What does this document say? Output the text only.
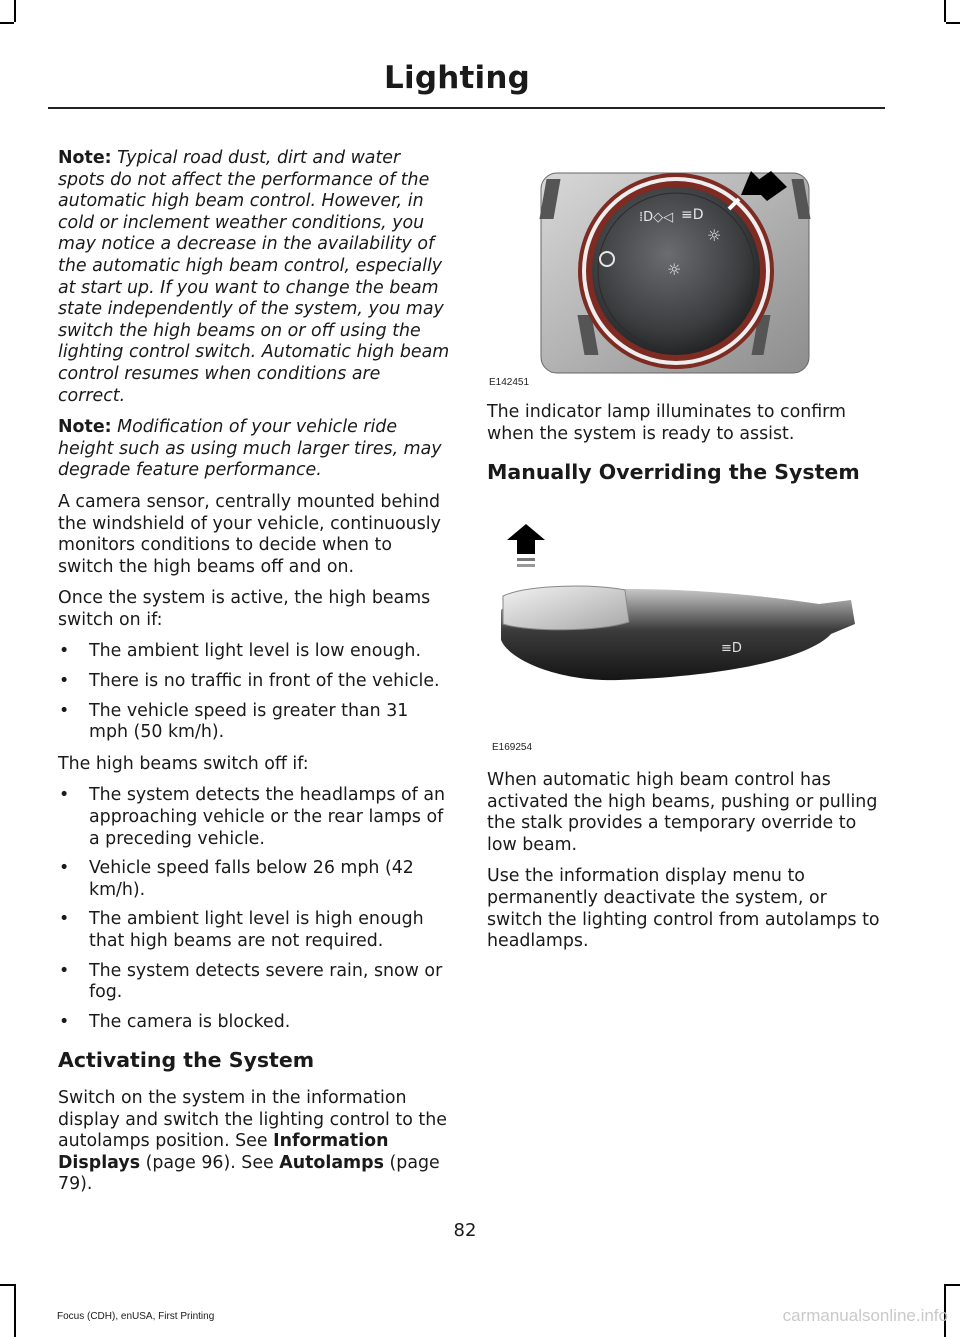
Lighting

Note: Typical road dust, dirt and water spots do not affect the performance of the automatic high beam control. However, in cold or inclement weather conditions, you may notice a decrease in the availability of the automatic high beam control, especially at start up. If you want to change the beam state independently of the system, you may switch the high beams on or off using the lighting control switch. Automatic high beam control resumes when conditions are correct.

Note: Modification of your vehicle ride height such as using much larger tires, may degrade feature performance.

A camera sensor, centrally mounted behind the windshield of your vehicle, continuously monitors conditions to decide when to switch the high beams off and on.

Once the system is active, the high beams switch on if:

• The ambient light level is low enough.
• There is no traffic in front of the vehicle.
• The vehicle speed is greater than 31 mph (50 km/h).

The high beams switch off if:

• The system detects the headlamps of an approaching vehicle or the rear lamps of a preceding vehicle.
• Vehicle speed falls below 26 mph (42 km/h).
• The ambient light level is high enough that high beams are not required.
• The system detects severe rain, snow or fog.
• The camera is blocked.
Activating the System

Switch on the system in the information display and switch the lighting control to the autolamps position. See Information Displays (page 96). See Autolamps (page 79).

⁞D◇◁ ≡D
☼
☼
E142451

The indicator lamp illuminates to confirm when the system is ready to assist.

Manually Overriding the System
≡D
E169254

When automatic high beam control has activated the high beams, pushing or pulling the stalk provides a temporary override to low beam.

Use the information display menu to permanently deactivate the system, or switch the lighting control from autolamps to headlamps.

82
Focus (CDH), enUSA, First Printing	carmanualsonline.info
